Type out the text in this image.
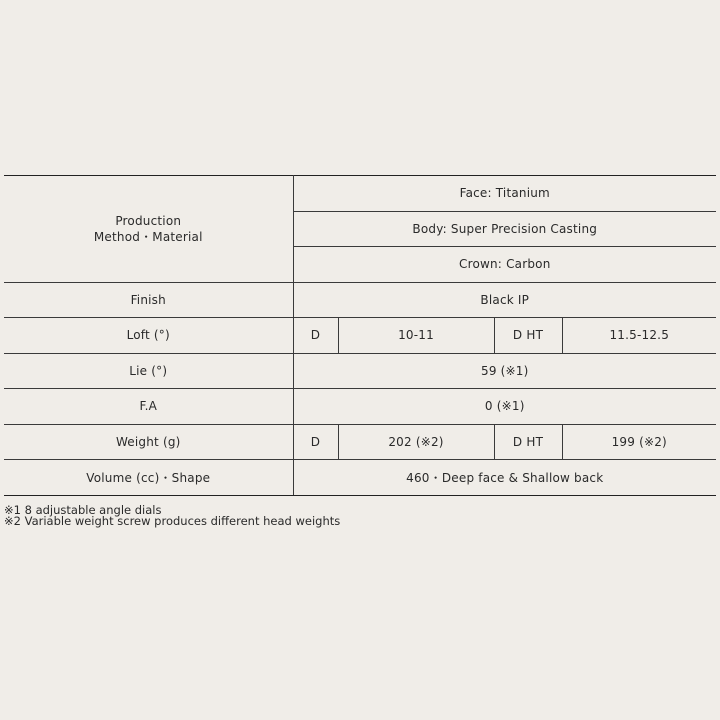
Production
Method・Material	Face: Titanium			
	Body: Super Precision Casting			
	Crown: Carbon			
Finish	Black IP			
Loft (°)	D	10-11	D HT	11.5-12.5
Lie (°)	59 (※1)			
F.A	0 (※1)			
Weight (g)	D	202 (※2)	D HT	199 (※2)
Volume (cc)・Shape	460・Deep face & Shallow back			
※1 8 adjustable angle dials
※2 Variable weight screw produces different head weights
